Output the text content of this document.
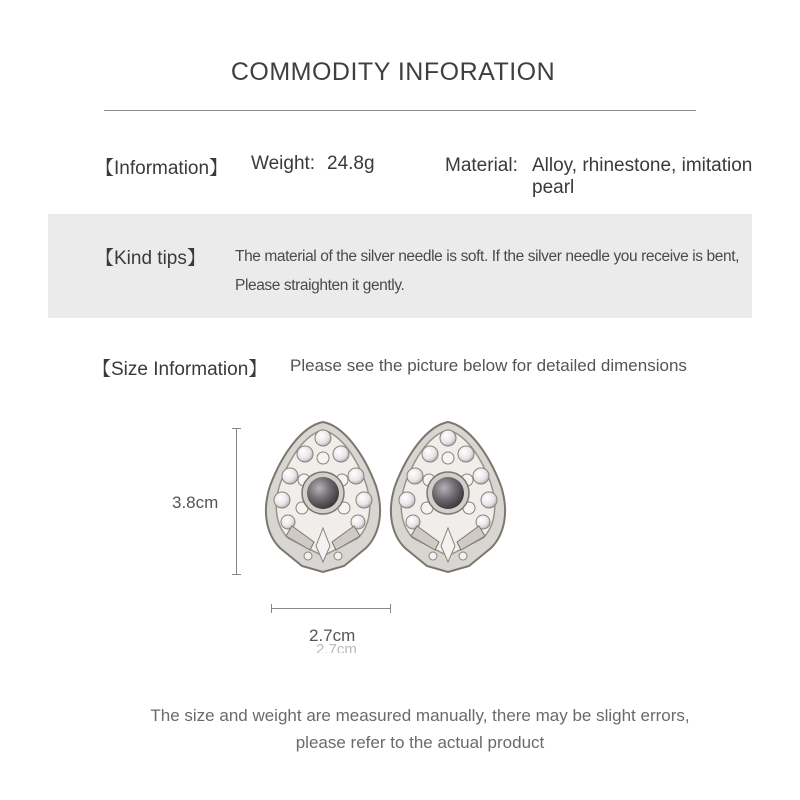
COMMODITY INFORATION
【Information】 Weight: 24.8g	Material: Alloy, rhinestone, imitation pearl
【Kind tips】 The material of the silver needle is soft. If the silver needle you receive is bent,
Please straighten it gently.
【Size Information】 Please see the picture below for detailed dimensions
3.8cm
2.7cm
2.7cm
The size and weight are measured manually, there may be slight errors,
please refer to the actual product
